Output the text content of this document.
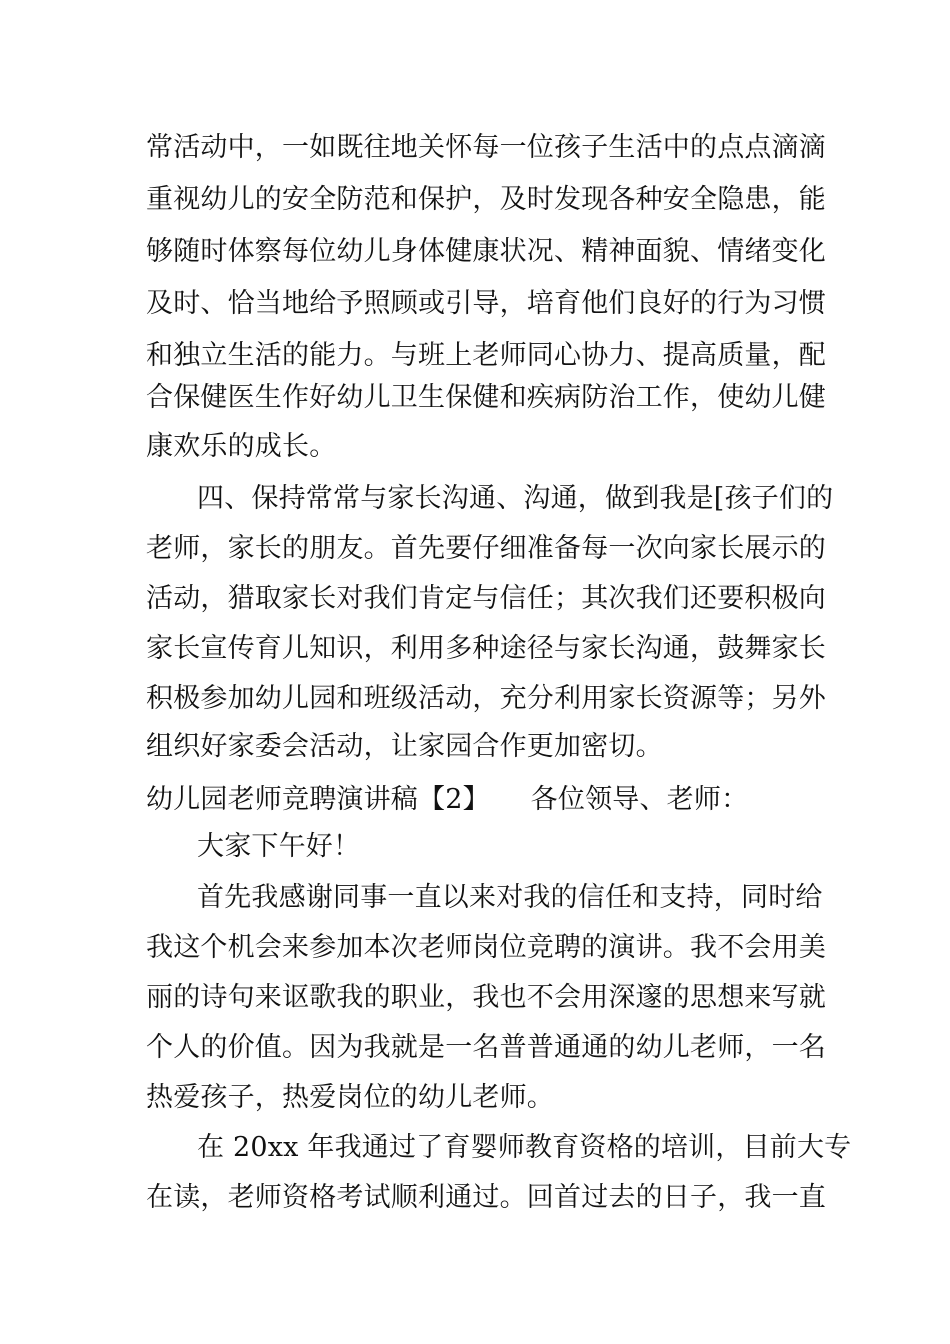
常活动中，一如既往地关怀每一位孩子生活中的点点滴滴
重视幼儿的安全防范和保护，及时发现各种安全隐患，能
够随时体察每位幼儿身体健康状况、精神面貌、情绪变化
及时、恰当地给予照顾或引导，培育他们良好的行为习惯
和独立生活的能力。与班上老师同心协力、提高质量，配
合保健医生作好幼儿卫生保健和疾病防治工作，使幼儿健
康欢乐的成长。
四、保持常常与家长沟通、沟通，做到我是[孩子们的
老师，家长的朋友。首先要仔细准备每一次向家长展示的
活动，猎取家长对我们肯定与信任；其次我们还要积极向
家长宣传育儿知识，利用多种途径与家长沟通，鼓舞家长
积极参加幼儿园和班级活动，充分利用家长资源等；另外
组织好家委会活动，让家园合作更加密切。
幼儿园老师竞聘演讲稿【2】　　各位领导、老师：
大家下午好！
首先我感谢同事一直以来对我的信任和支持，同时给
我这个机会来参加本次老师岗位竞聘的演讲。我不会用美
丽的诗句来讴歌我的职业，我也不会用深邃的思想来写就
个人的价值。因为我就是一名普普通通的幼儿老师，一名
热爱孩子，热爱岗位的幼儿老师。
在 20xx 年我通过了育婴师教育资格的培训，目前大专
在读，老师资格考试顺利通过。回首过去的日子，我一直
